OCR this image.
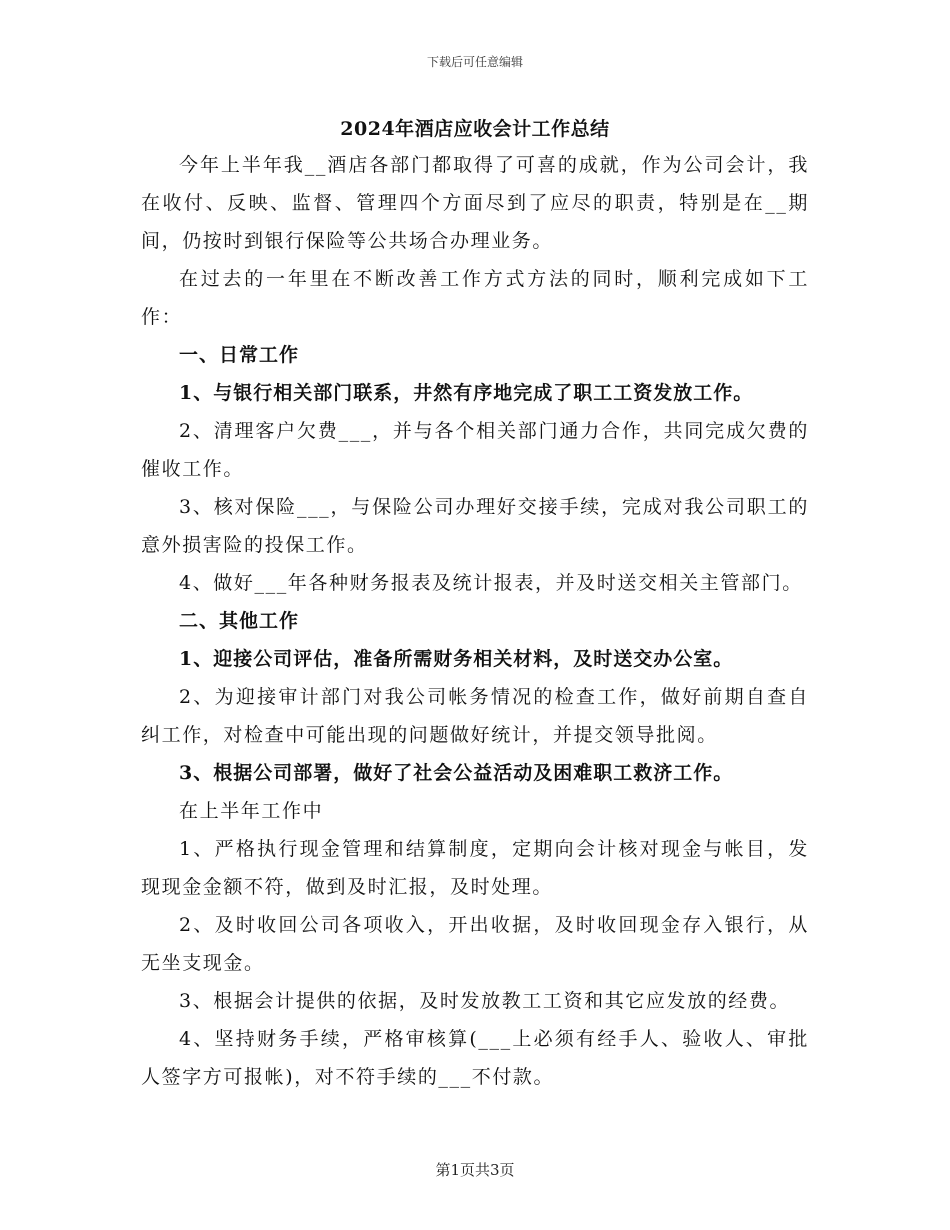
下载后可任意编辑
2024年酒店应收会计工作总结

今年上半年我__酒店各部门都取得了可喜的成就，作为公司会计，我在收付、反映、监督、管理四个方面尽到了应尽的职责，特别是在__期间，仍按时到银行保险等公共场合办理业务。

在过去的一年里在不断改善工作方式方法的同时，顺利完成如下工作：

一、日常工作

1、与银行相关部门联系，井然有序地完成了职工工资发放工作。

2、清理客户欠费___，并与各个相关部门通力合作，共同完成欠费的催收工作。

3、核对保险___，与保险公司办理好交接手续，完成对我公司职工的意外损害险的投保工作。

4、做好___年各种财务报表及统计报表，并及时送交相关主管部门。

二、其他工作

1、迎接公司评估，准备所需财务相关材料，及时送交办公室。

2、为迎接审计部门对我公司帐务情况的检查工作，做好前期自查自纠工作，对检查中可能出现的问题做好统计，并提交领导批阅。

3、根据公司部署，做好了社会公益活动及困难职工救济工作。

在上半年工作中

1、严格执行现金管理和结算制度，定期向会计核对现金与帐目，发现现金金额不符，做到及时汇报，及时处理。

2、及时收回公司各项收入，开出收据，及时收回现金存入银行，从无坐支现金。

3、根据会计提供的依据，及时发放教工工资和其它应发放的经费。

4、坚持财务手续，严格审核算(___上必须有经手人、验收人、审批人签字方可报帐)，对不符手续的___不付款。

第1页共3页
